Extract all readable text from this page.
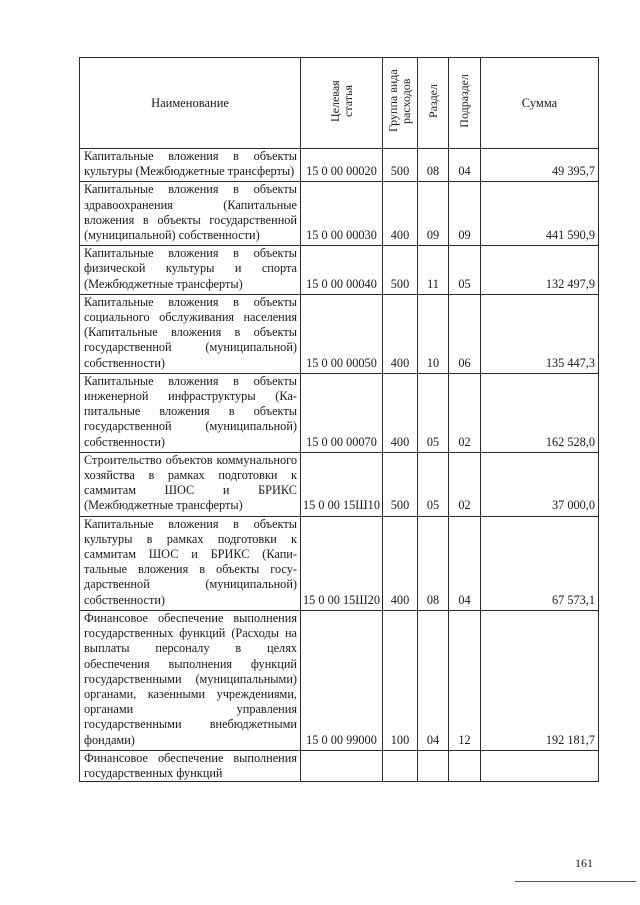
Наименование	Целевая статья	Группа вида расходов	Раздел	Подраздел	Сумма
Капитальные вложения в объекты культуры (Межбюджетные трансферты)	15 0 00 00020	500	08	04	49 395,7
Капитальные вложения в объекты здравоохранения (Капитальные вложения в объекты государственной (муниципальной) собственности)	15 0 00 00030	400	09	09	441 590,9
Капитальные вложения в объекты физической культуры и спорта (Межбюджетные трансферты)	15 0 00 00040	500	11	05	132 497,9
Капитальные вложения в объекты социального обслуживания населения (Капитальные вложения в объекты государственной (муниципальной) собственности)	15 0 00 00050	400	10	06	135 447,3
Капитальные вложения в объекты инженерной инфраструктуры (Капитальные вложения в объекты государственной (муниципальной) собственности)	15 0 00 00070	400	05	02	162 528,0
Строительство объектов коммунального хозяйства в рамках подготовки к саммитам ШОС и БРИКС (Межбюджетные трансферты)	15 0 00 15Ш10	500	05	02	37 000,0
Капитальные вложения в объекты культуры в рамках подготовки к саммитам ШОС и БРИКС (Капитальные вложения в объекты государственной (муниципальной) собственности)	15 0 00 15Ш20	400	08	04	67 573,1
Финансовое обеспечение выполнения государственных функций (Расходы на выплаты персоналу в целях обеспечения выполнения функций государственными (муниципальными) органами, казенными учреждениями, органами управления государственными внебюджетными фондами)	15 0 00 99000	100	04	12	192 181,7
Финансовое обеспечение выполнения государственных функций					
161
